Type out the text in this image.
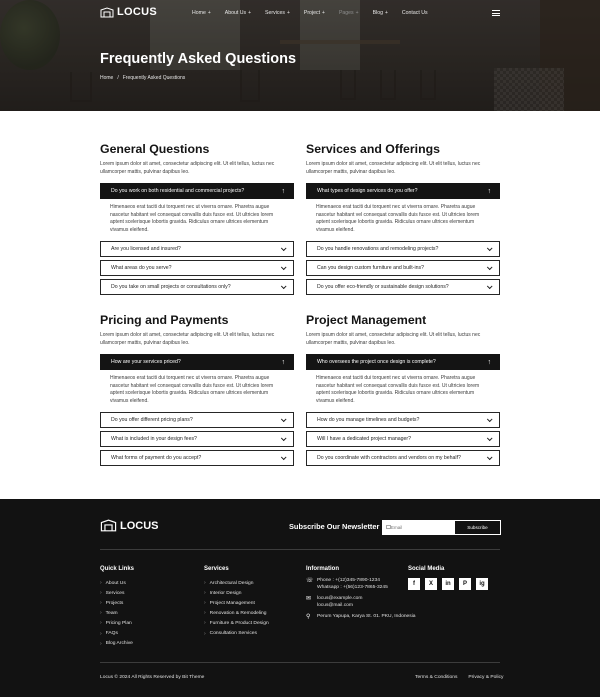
LOCUS	Home +	About Us +	Services +	Project +	Pages +	Blog +	Contact Us
Frequently Asked Questions
Home / Frequently Asked Questions
General Questions
Lorem ipsum dolor sit amet, consectetur adipiscing elit. Ut elit tellus, luctus nec ullamcorper mattis, pulvinar dapibus leo.
Do you work on both residential and commercial projects?	↑
Himenaeos erat taciti dui torquent nec ut viverra ornare. Pharetra augue nascetur habitant vel consequat convallis duis fusce est. Ut ultricies lorem aptent scelerisque lobortis gravida. Ridiculus ornare ultrices elementum vivamus eleifend.
Are you licensed and insured?
What areas do you serve?
Do you take on small projects or consultations only?
Services and Offerings
Lorem ipsum dolor sit amet, consectetur adipiscing elit. Ut elit tellus, luctus nec ullamcorper mattis, pulvinar dapibus leo.
What types of design services do you offer?	↑
Himenaeos erat taciti dui torquent nec ut viverra ornare. Pharetra augue nascetur habitant vel consequat convallis duis fusce est. Ut ultricies lorem aptent scelerisque lobortis gravida. Ridiculus ornare ultrices elementum vivamus eleifend.
Do you handle renovations and remodeling projects?
Can you design custom furniture and built-ins?
Do you offer eco-friendly or sustainable design solutions?
Pricing and Payments
Lorem ipsum dolor sit amet, consectetur adipiscing elit. Ut elit tellus, luctus nec ullamcorper mattis, pulvinar dapibus leo.
How are your services priced?	↑
Himenaeos erat taciti dui torquent nec ut viverra ornare. Pharetra augue nascetur habitant vel consequat convallis duis fusce est. Ut ultricies lorem aptent scelerisque lobortis gravida. Ridiculus ornare ultrices elementum vivamus eleifend.
Do you offer different pricing plans?
What is included in your design fees?
What forms of payment do you accept?
Project Management
Lorem ipsum dolor sit amet, consectetur adipiscing elit. Ut elit tellus, luctus nec ullamcorper mattis, pulvinar dapibus leo.
Who oversees the project once design is complete?	↑
Himenaeos erat taciti dui torquent nec ut viverra ornare. Pharetra augue nascetur habitant vel consequat convallis duis fusce est. Ut ultricies lorem aptent scelerisque lobortis gravida. Ridiculus ornare ultrices elementum vivamus eleifend.
How do you manage timelines and budgets?
Will I have a dedicated project manager?
Do you coordinate with contractors and vendors on my behalf?
LOCUS	Subscribe Our Newsletter
Email	Subscribe
Quick Links
› About Us
› Services
› Projects
› Team
› Pricing Plan
› FAQs
› Blog Archive
Services
› Architectural Design
› Interior Design
› Project Management
› Renovation & Remodeling
› Furniture & Product Design
› Consultation Services
Information
☏ Phone : +(12)345-7890-1234
Whatsapp : +(56)123-7865-3245
✉ locus@example.com
locus@mail.com
⚲	Perum Yapupa, Karya St. 01. PKU, Indonesia
Social Media
f	X	in	P	ig
Locus © 2024 All Rights Reserved by Bit Theme	Terms & Conditions Privacy & Policy
